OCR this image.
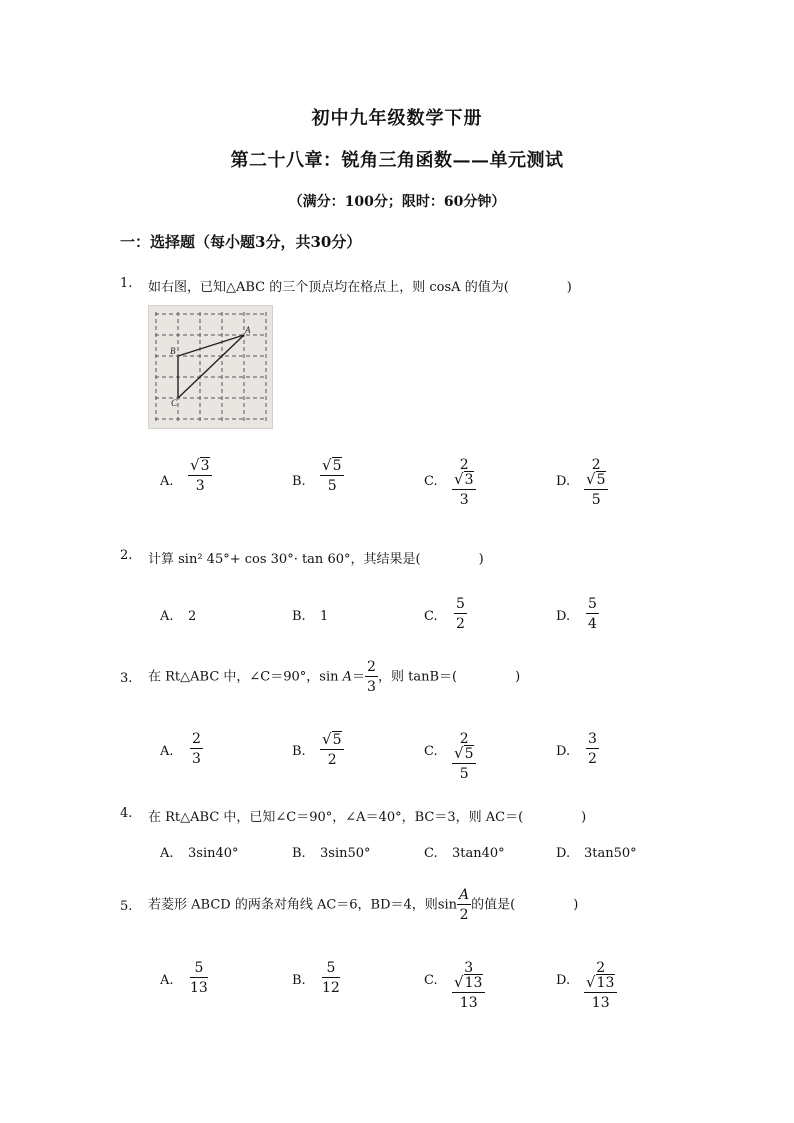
初中九年级数学下册
第二十八章：锐角三角函数——单元测试
（满分：100分；限时：60分钟）
一：选择题（每小题3分，共30分）
1. 如右图，已知△ABC 的三个顶点均在格点上，则 cosA 的值为(	)
A
B
C
A. $\frac{√3}{3}$	B. $\frac{√5}{5}$	C. $\frac{2√3}{3}$	D. $\frac{2√5}{5}$
2. 计算 sin² 45°+ cos 30°· tan 60°，其结果是(	)
A. 2	B. 1	C. $\frac{5}{2}$	D. $\frac{5}{4}$
3. 在 Rt△ABC 中，∠C＝90°，$\sin A= \frac{2}{3}$ ，则 tanB＝(	)
A. $\frac{2}{3}$	B. $\frac{√5}{2}$	C. $\frac{2√5}{5}$	D. $\frac{3}{2}$
4. 在 Rt△ABC 中，已知∠C＝90°，∠A＝40°，BC＝3，则 AC＝(	)
A. 3sin40°	B. 3sin50°	C. 3tan40°	D. 3tan50°
5. 若菱形 ABCD 的两条对角线 AC＝6，BD＝4，则$\sin \frac{A}{2}$ 的值是(	)
A. $\frac{5}{13}$	B. $\frac{5}{12}$	C. $\frac{3√13}{13}$	D. $\frac{2√13}{13}$
